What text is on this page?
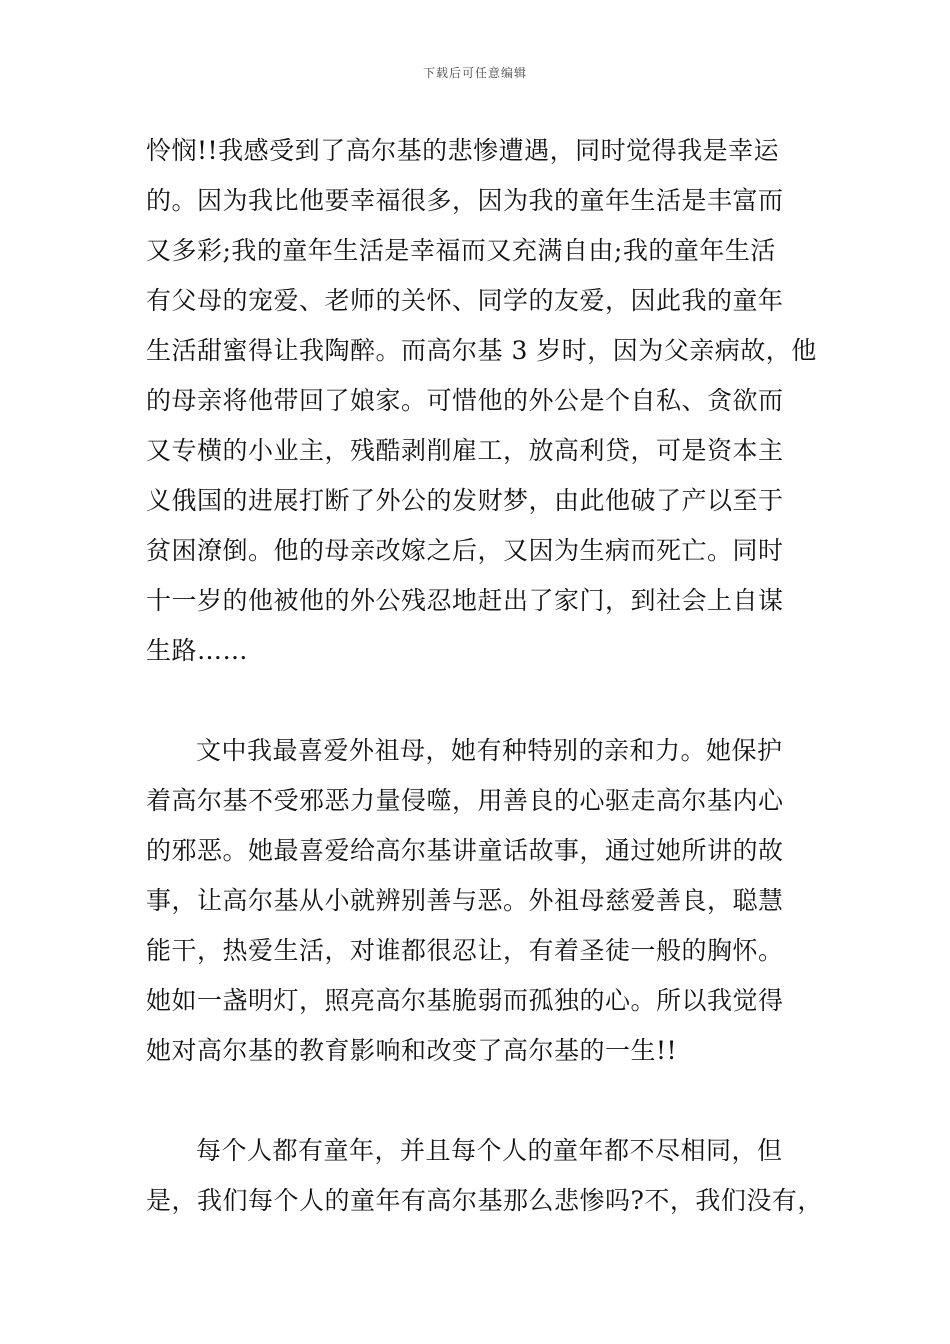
下载后可任意编辑
怜悯!!我感受到了高尔基的悲惨遭遇，同时觉得我是幸运
的。因为我比他要幸福很多，因为我的童年生活是丰富而
又多彩;我的童年生活是幸福而又充满自由;我的童年生活
有父母的宠爱、老师的关怀、同学的友爱，因此我的童年
生活甜蜜得让我陶醉。而高尔基 3 岁时，因为父亲病故，他
的母亲将他带回了娘家。可惜他的外公是个自私、贪欲而
又专横的小业主，残酷剥削雇工，放高利贷，可是资本主
义俄国的进展打断了外公的发财梦，由此他破了产以至于
贫困潦倒。他的母亲改嫁之后，又因为生病而死亡。同时
十一岁的他被他的外公残忍地赶出了家门，到社会上自谋
生路……
文中我最喜爱外祖母，她有种特别的亲和力。她保护
着高尔基不受邪恶力量侵噬，用善良的心驱走高尔基内心
的邪恶。她最喜爱给高尔基讲童话故事，通过她所讲的故
事，让高尔基从小就辨别善与恶。外祖母慈爱善良，聪慧
能干，热爱生活，对谁都很忍让，有着圣徒一般的胸怀。
她如一盏明灯，照亮高尔基脆弱而孤独的心。所以我觉得
她对高尔基的教育影响和改变了高尔基的一生!!
每个人都有童年，并且每个人的童年都不尽相同，但
是，我们每个人的童年有高尔基那么悲惨吗?不，我们没有，
